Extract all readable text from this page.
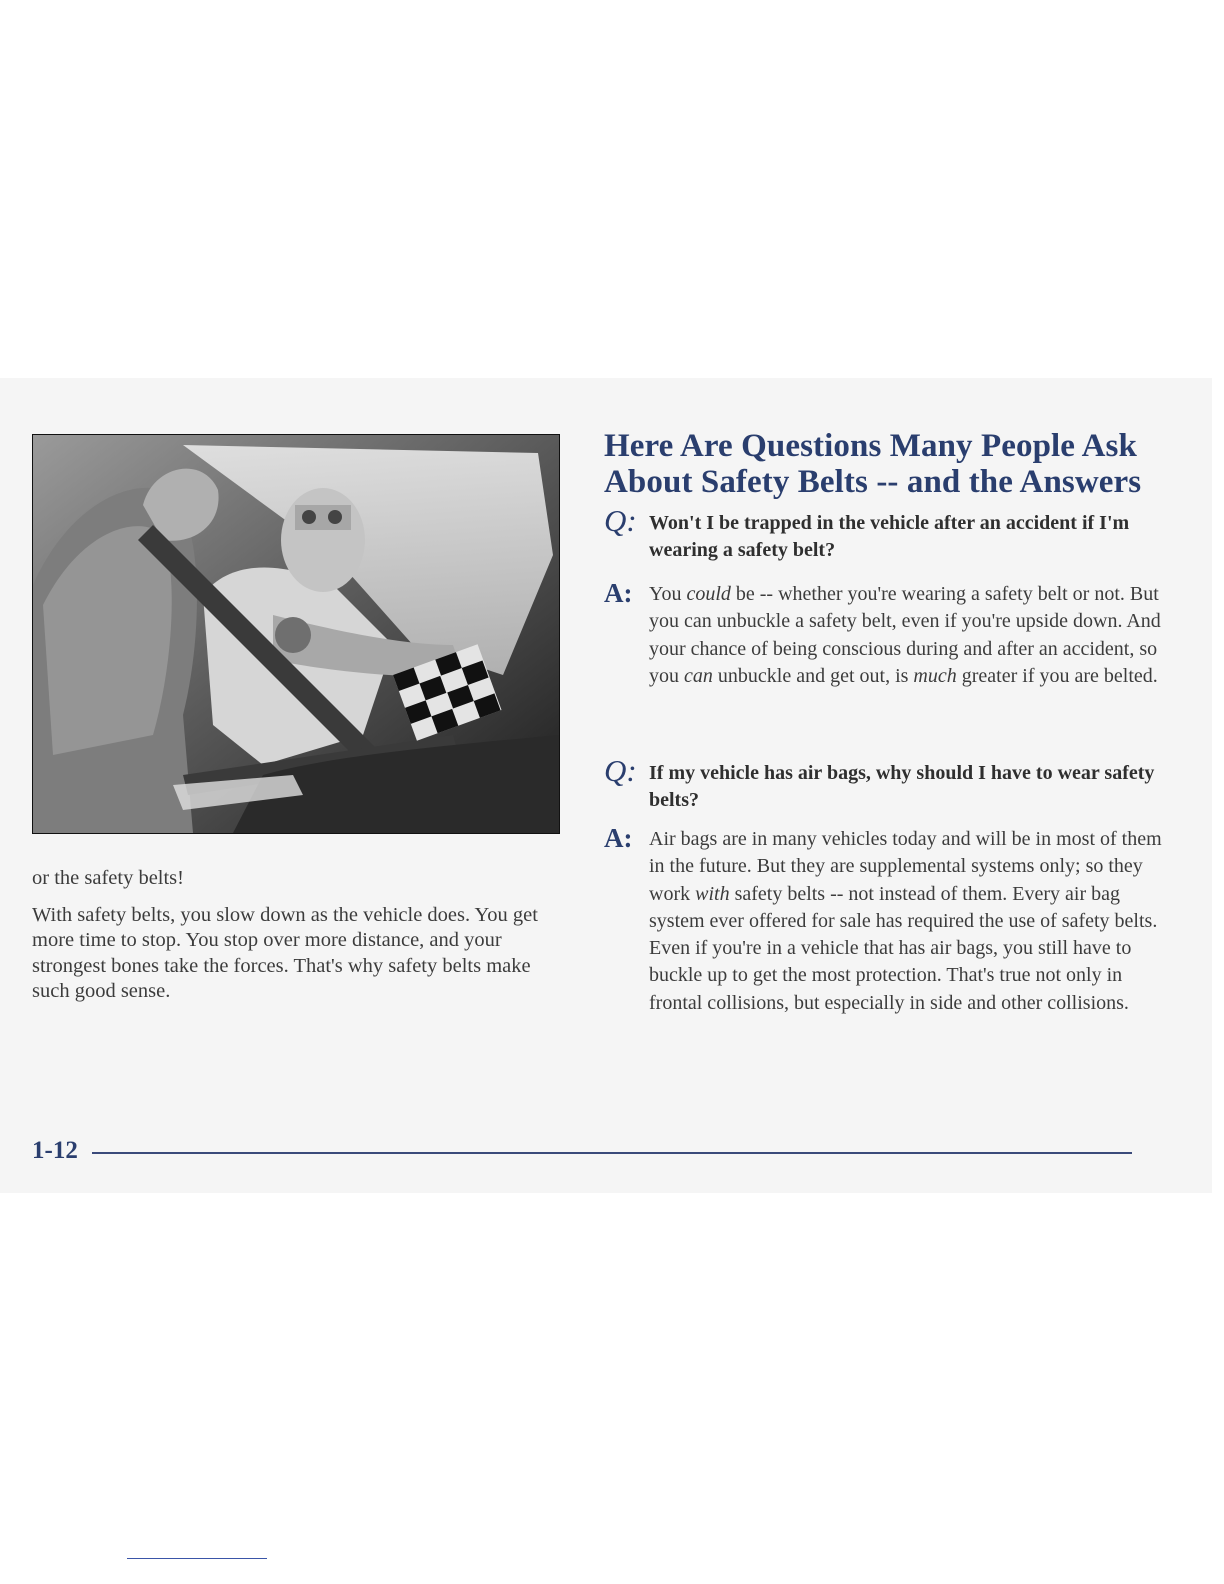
or the safety belts!

With safety belts, you slow down as the vehicle does. You get more time to stop. You stop over more distance, and your strongest bones take the forces. That's why safety belts make such good sense.

Here Are Questions Many People Ask
About Safety Belts -- and the Answers
Q: Won't I be trapped in the vehicle after an accident if I'm wearing a safety belt?
A: You could be -- whether you're wearing a safety belt or not. But you can unbuckle a safety belt, even if you're upside down. And your chance of being conscious during and after an accident, so you can unbuckle and get out, is much greater if you are belted.
Q: If my vehicle has air bags, why should I have to wear safety belts?
A: Air bags are in many vehicles today and will be in most of them in the future. But they are supplemental systems only; so they work with safety belts -- not instead of them. Every air bag system ever offered for sale has required the use of safety belts. Even if you're in a vehicle that has air bags, you still have to buckle up to get the most protection. That's true not only in frontal collisions, but especially in side and other collisions.

1-12
